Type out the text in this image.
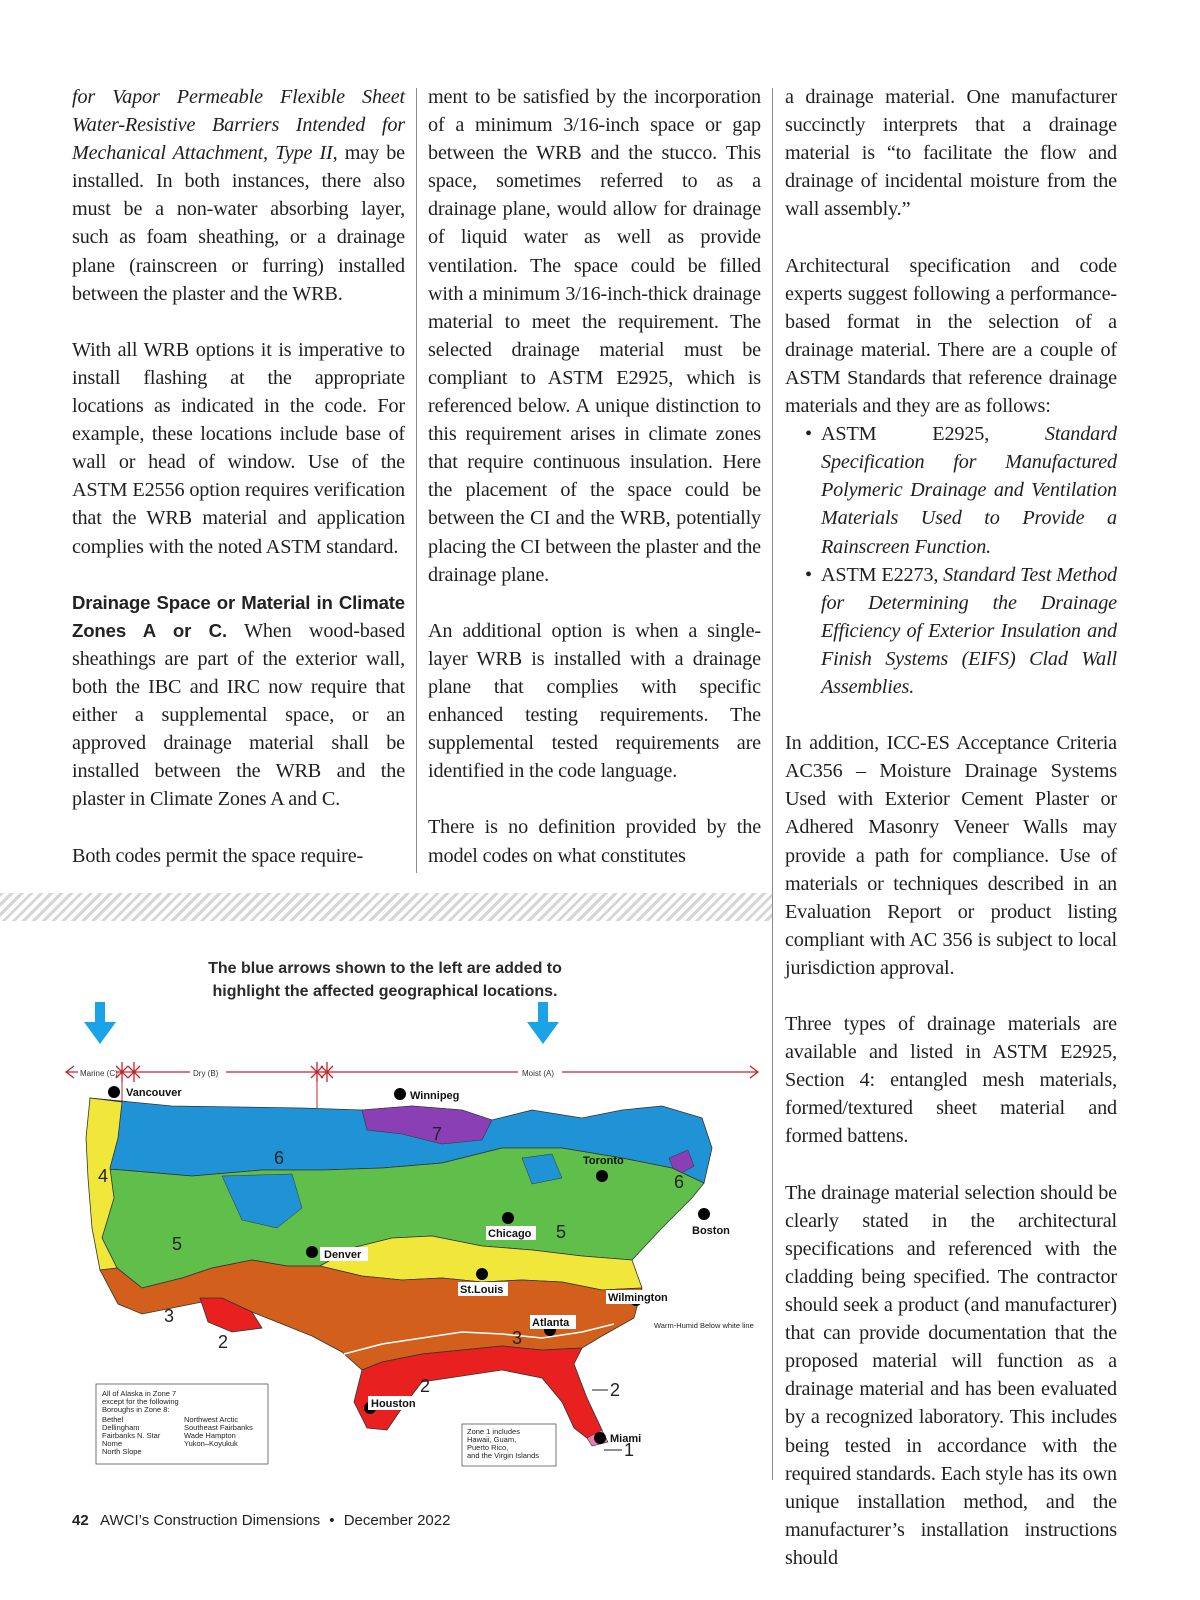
for Vapor Permeable Flexible Sheet Water-Resistive Barriers Intended for Mechanical Attachment, Type II, may be installed. In both instances, there also must be a non-water absorbing layer, such as foam sheathing, or a drainage plane (rainscreen or furring) installed between the plaster and the WRB.

With all WRB options it is imperative to install flashing at the appropriate locations as indicated in the code. For example, these locations include base of wall or head of window. Use of the ASTM E2556 option requires verification that the WRB material and application complies with the noted ASTM standard.

Drainage Space or Material in Climate Zones A or C. When wood-based sheathings are part of the exterior wall, both the IBC and IRC now require that either a supplemental space, or an approved drainage material shall be installed between the WRB and the plaster in Climate Zones A and C.

Both codes permit the space require-

ment to be satisfied by the incorporation of a minimum 3/16-inch space or gap between the WRB and the stucco. This space, sometimes referred to as a drainage plane, would allow for drainage of liquid water as well as provide ventilation. The space could be filled with a minimum 3/16-inch-thick drainage material to meet the requirement. The selected drainage material must be compliant to ASTM E2925, which is referenced below. A unique distinction to this requirement arises in climate zones that require continuous insulation. Here the placement of the space could be between the CI and the WRB, potentially placing the CI between the plaster and the drainage plane.

An additional option is when a single-layer WRB is installed with a drainage plane that complies with specific enhanced testing requirements. The supplemental tested requirements are identified in the code language.

There is no definition provided by the model codes on what constitutes

a drainage material. One manufacturer succinctly interprets that a drainage material is “to facilitate the flow and drainage of incidental moisture from the wall assembly.”

Architectural specification and code experts suggest following a performance-based format in the selection of a drainage material. There are a couple of ASTM Standards that reference drainage materials and they are as follows:

• ASTM E2925, Standard Specification for Manufactured Polymeric Drainage and Ventilation Materials Used to Provide a Rainscreen Function.
• ASTM E2273, Standard Test Method for Determining the Drainage Efficiency of Exterior Insulation and Finish Systems (EIFS) Clad Wall Assemblies.

In addition, ICC-ES Acceptance Criteria AC356 – Moisture Drainage Systems Used with Exterior Cement Plaster or Adhered Masonry Veneer Walls may provide a path for compliance. Use of materials or techniques described in an Evaluation Report or product listing compliant with AC 356 is subject to local jurisdiction approval.

Three types of drainage materials are available and listed in ASTM E2925, Section 4: entangled mesh materials, formed/textured sheet material and formed battens.

The drainage material selection should be clearly stated in the architectural specifications and referenced with the cladding being specified. The contractor should seek a product (and manufacturer) that can provide documentation that the proposed material will function as a drainage material and has been evaluated by a recognized laboratory. This includes being tested in accordance with the required standards. Each style has its own unique installation method, and the manufacturer’s installation instructions should

The blue arrows shown to the left are added to highlight the affected geographical locations.
Marine (C)	Dry (B)	Moist (A)
Vancouver	Winnipeg
Toronto
Chicago	Boston
Denver
St.Louis
Wilmington
Atlanta
Houston
Miami
7
6
4
5
6
5
3
2	3
2	2
1
Warm-Humid Below white line
All of Alaska in Zone 7
except for the following
Boroughs in Zone 8:
Bethel
Dellingham
Fairbanks N. Star
Nome
North Slope
Northwest Arctic
Southeast Fairbanks
Wade Hampton
Yukon–Koyukuk
Zone 1 includes
Hawaii, Guam,
Puerto Rico,
and the Virgin Islands
42 AWCI’s Construction Dimensions • December 2022
